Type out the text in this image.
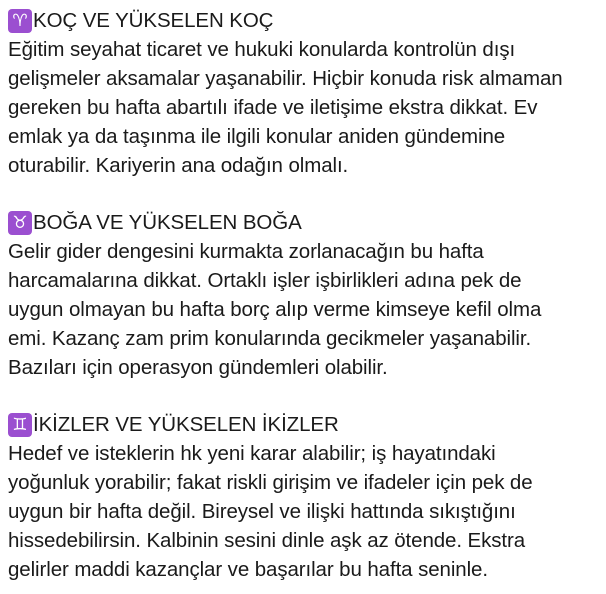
♈ KOÇ VE YÜKSELEN KOÇ

Eğitim seyahat ticaret ve hukuki konularda kontrolün dışı
gelişmeler aksamalar yaşanabilir. Hiçbir konuda risk almaman
gereken bu hafta abartılı ifade ve iletişime ekstra dikkat. Ev
emlak ya da taşınma ile ilgili konular aniden gündemine
oturabilir. Kariyerin ana odağın olmalı.

♉ BOĞA VE YÜKSELEN BOĞA

Gelir gider dengesini kurmakta zorlanacağın bu hafta
harcamalarına dikkat. Ortaklı işler işbirlikleri adına pek de
uygun olmayan bu hafta borç alıp verme kimseye kefil olma
emi. Kazanç zam prim konularında gecikmeler yaşanabilir.
Bazıları için operasyon gündemleri olabilir.

♊ İKİZLER VE YÜKSELEN İKİZLER

Hedef ve isteklerin hk yeni karar alabilir; iş hayatındaki
yoğunluk yorabilir; fakat riskli girişim ve ifadeler için pek de
uygun bir hafta değil. Bireysel ve ilişki hattında sıkıştığını
hissedebilirsin. Kalbinin sesini dinle aşk az ötende. Ekstra
gelirler maddi kazançlar ve başarılar bu hafta seninle.
